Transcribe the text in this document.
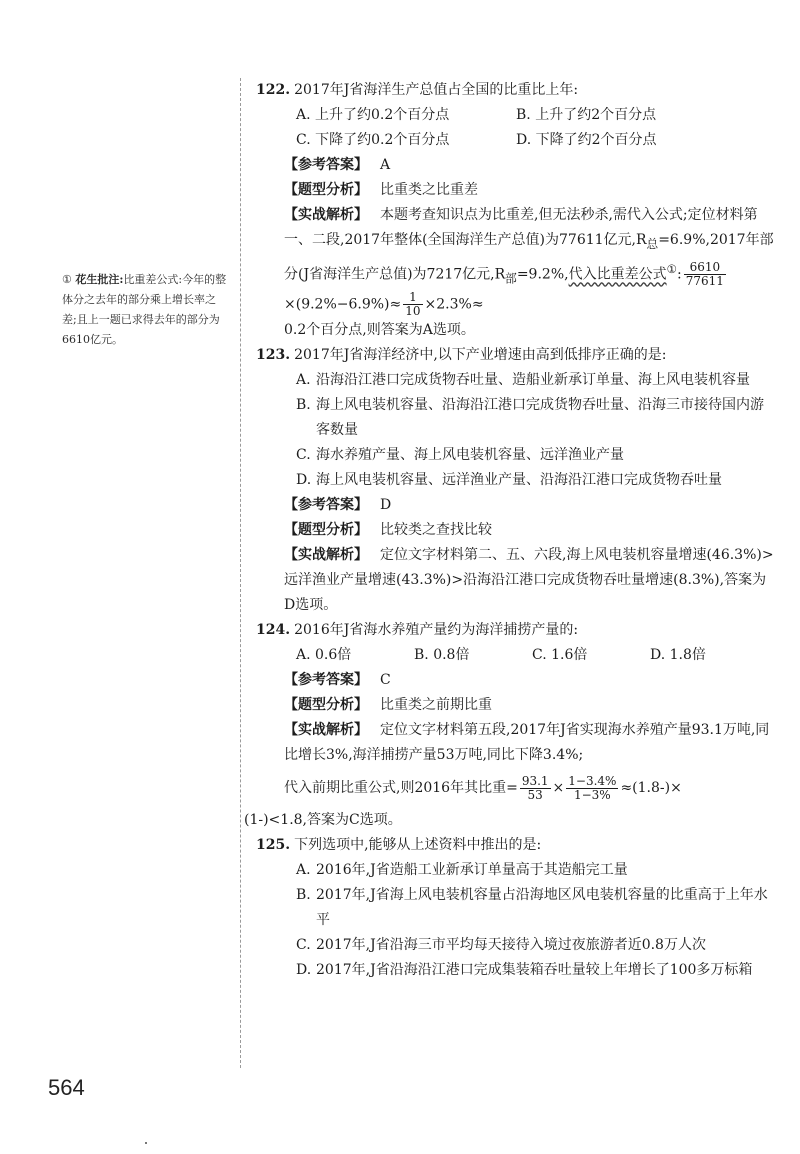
① 花生批注:比重差公式:今年的整体分之去年的部分乘上增长率之差;且上一题已求得去年的部分为6610亿元。
122. 2017年J省海洋生产总值占全国的比重比上年:
A. 上升了约0.2个百分点	B. 上升了约2个百分点
C. 下降了约0.2个百分点	D. 下降了约2个百分点
【参考答案】 A
【题型分析】 比重类之比重差
【实战解析】 本题考查知识点为比重差,但无法秒杀,需代入公式;定位材料第一、二段,2017年整体(全国海洋生产总值)为77611亿元$,R_总=6.9\%,2017$年部分(J省海洋生产总值)为7217亿元$,R_部=9.2\%$,代入比重差公式①: $\frac{6610}{77611}$
$\times(9.2\%-6.9\%)\approx \frac{1}{10} \times 2.3\%\approx$
0.2个百分点,则答案为A选项。
123. 2017年J省海洋经济中,以下产业增速由高到低排序正确的是:
A. 沿海沿江港口完成货物吞吐量、造船业新承订单量、海上风电装机容量
B. 海上风电装机容量、沿海沿江港口完成货物吞吐量、沿海三市接待国内游客数量
C. 海水养殖产量、海上风电装机容量、远洋渔业产量
D. 海上风电装机容量、远洋渔业产量、沿海沿江港口完成货物吞吐量
【参考答案】 D
【题型分析】 比较类之查找比较
【实战解析】 定位文字材料第二、五、六段,海上风电装机容量增速(46.3%)>远洋渔业产量增速(43.3%)>沿海沿江港口完成货物吞吐量增速(8.3%),答案为D选项。
124. 2016年J省海水养殖产量约为海洋捕捞产量的:
A. 0.6倍	B. 0.8倍	C. 1.6倍	D. 1.8倍
【参考答案】 C
【题型分析】 比重类之前期比重
【实战解析】 定位文字材料第五段,2017年J省实现海水养殖产量93.1万吨,同比增长3%,海洋捕捞产量53万吨,同比下降3.4%;
代入前期比重公式,则2016年其比重= $\frac{93.1}{53} \times \frac{1-3.4\%}{1-3\%} \approx(1.8-)\times$
(1-)<1.8,答案为C选项。
125. 下列选项中,能够从上述资料中推出的是:
A. 2016年,J省造船工业新承订单量高于其造船完工量
B. 2017年,J省海上风电装机容量占沿海地区风电装机容量的比重高于上年水平
C. 2017年,J省沿海三市平均每天接待入境过夜旅游者近0.8万人次
D. 2017年,J省沿海沿江港口完成集装箱吞吐量较上年增长了100多万标箱
564
